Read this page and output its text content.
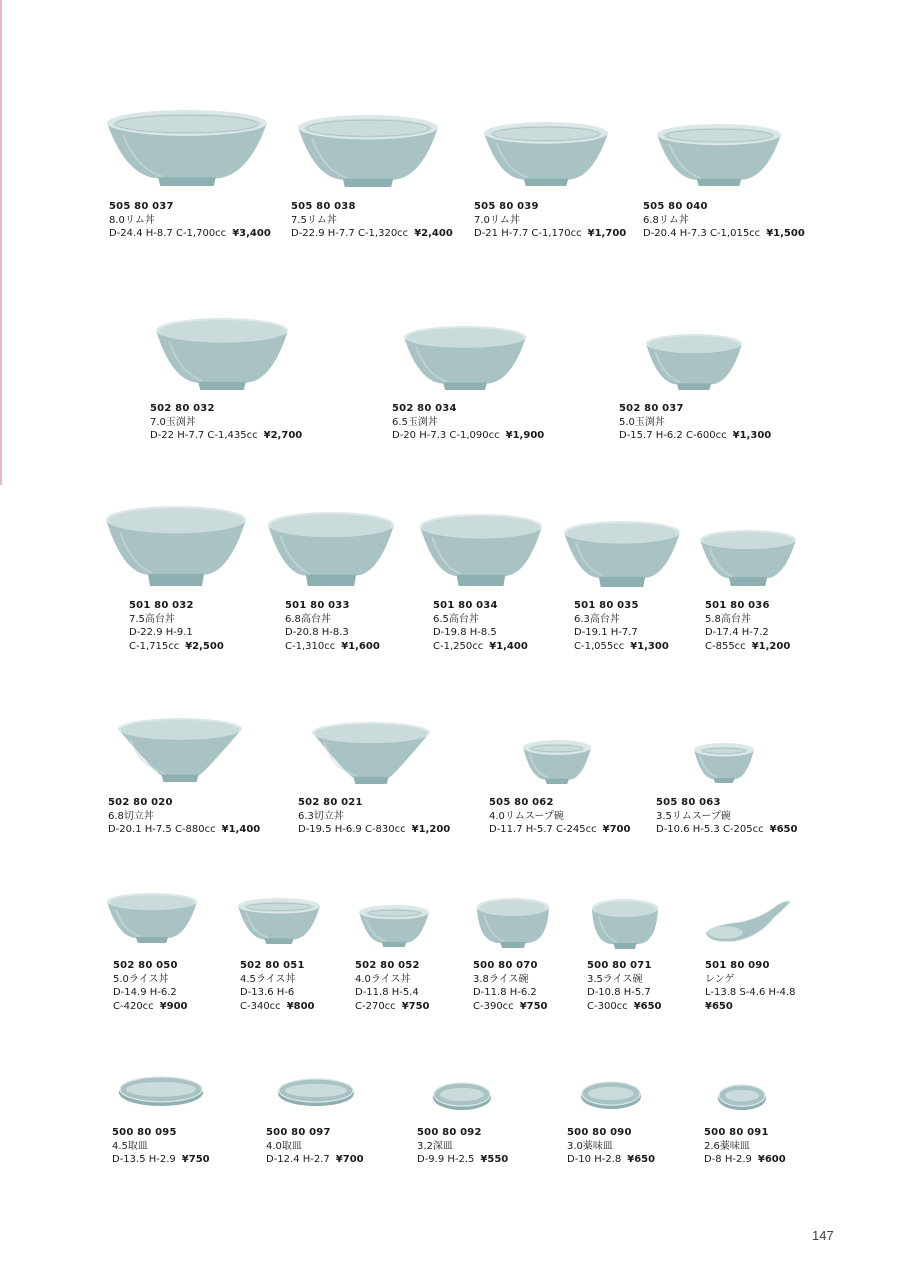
505 80 037
8.0リム丼
D-24.4 H-8.7 C-1,700cc ¥3,400
505 80 038
7.5リム丼
D-22.9 H-7.7 C-1,320cc ¥2,400
505 80 039
7.0リム丼
D-21 H-7.7 C-1,170cc ¥1,700
505 80 040
6.8リム丼
D-20.4 H-7.3 C-1,015cc ¥1,500
502 80 032
7.0玉渕丼
D-22 H-7.7 C-1,435cc ¥2,700
502 80 034
6.5玉渕丼
D-20 H-7.3 C-1,090cc ¥1,900
502 80 037
5.0玉渕丼
D-15.7 H-6.2 C-600cc ¥1,300
501 80 032
7.5高台丼
D-22.9 H-9.1
C-1,715cc ¥2,500
501 80 033
6.8高台丼
D-20.8 H-8.3
C-1,310cc ¥1,600
501 80 034
6.5高台丼
D-19.8 H-8.5
C-1,250cc ¥1,400
501 80 035
6.3高台丼
D-19.1 H-7.7
C-1,055cc ¥1,300
501 80 036
5.8高台丼
D-17.4 H-7.2
C-855cc ¥1,200
502 80 020
6.8切立丼
D-20.1 H-7.5 C-880cc ¥1,400
502 80 021
6.3切立丼
D-19.5 H-6.9 C-830cc ¥1,200
505 80 062
4.0リムスープ碗
D-11.7 H-5.7 C-245cc ¥700
505 80 063
3.5リムスープ碗
D-10.6 H-5.3 C-205cc ¥650
502 80 050
5.0ライス丼
D-14.9 H-6.2
C-420cc ¥900
502 80 051
4.5ライス丼
D-13.6 H-6
C-340cc ¥800
502 80 052
4.0ライス丼
D-11.8 H-5.4
C-270cc ¥750
500 80 070
3.8ライス碗
D-11.8 H-6.2
C-390cc ¥750
500 80 071
3.5ライス碗
D-10.8 H-5.7
C-300cc ¥650
501 80 090
レンゲ
L-13.8 S-4.6 H-4.8
¥650
500 80 095
4.5取皿
D-13.5 H-2.9 ¥750
500 80 097
4.0取皿
D-12.4 H-2.7 ¥700
500 80 092
3.2深皿
D-9.9 H-2.5 ¥550
500 80 090
3.0薬味皿
D-10 H-2.8 ¥650
500 80 091
2.6薬味皿
D-8 H-2.9 ¥600
147
